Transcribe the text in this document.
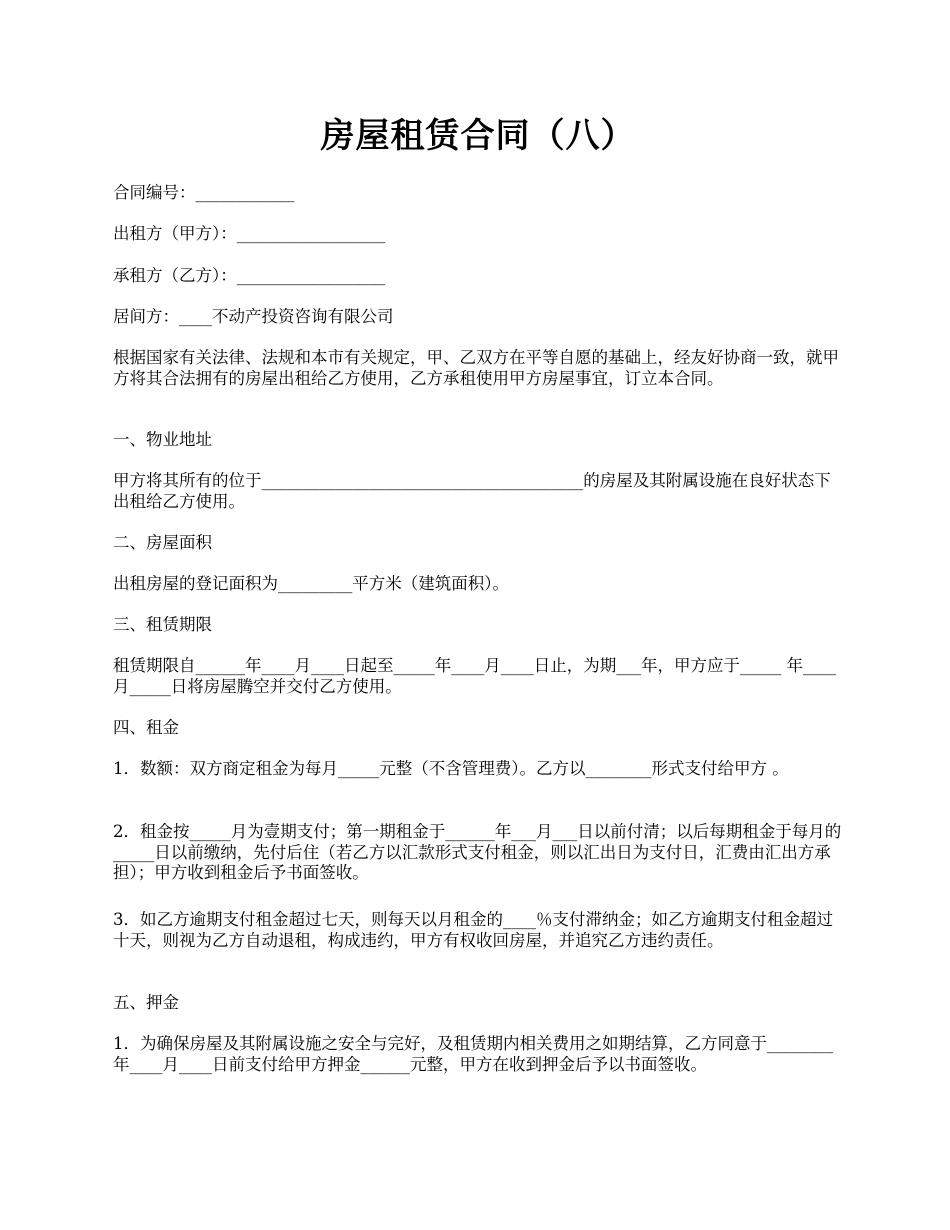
房屋租赁合同（八）

合同编号：____________

出租方（甲方）：__________________

承租方（乙方）：__________________

居间方：____不动产投资咨询有限公司

根据国家有关法律、法规和本市有关规定，甲、乙双方在平等自愿的基础上，经友好协商一致，就甲方将其合法拥有的房屋出租给乙方使用，乙方承租使用甲方房屋事宜，订立本合同。

一、物业地址

甲方将其所有的位于_______________________________________的房屋及其附属设施在良好状态下出租给乙方使用。

二、房屋面积

出租房屋的登记面积为_________平方米（建筑面积）。

三、租赁期限

租赁期限自______年____月____日起至_____年____月____日止，为期___年，甲方应于_____ 年____月_____日将房屋腾空并交付乙方使用。

四、租金

1．数额：双方商定租金为每月_____元整（不含管理费）。乙方以________形式支付给甲方 。

2．租金按_____月为壹期支付；第一期租金于______年___月___日以前付清；以后每期租金于每月的_____日以前缴纳，先付后住（若乙方以汇款形式支付租金，则以汇出日为支付日，汇费由汇出方承担）；甲方收到租金后予书面签收。

3．如乙方逾期支付租金超过七天，则每天以月租金的____％支付滞纳金；如乙方逾期支付租金超过十天，则视为乙方自动退租，构成违约，甲方有权收回房屋，并追究乙方违约责任。

五、押金

1．为确保房屋及其附属设施之安全与完好，及租赁期内相关费用之如期结算，乙方同意于________年____月____日前支付给甲方押金______元整，甲方在收到押金后予以书面签收。
